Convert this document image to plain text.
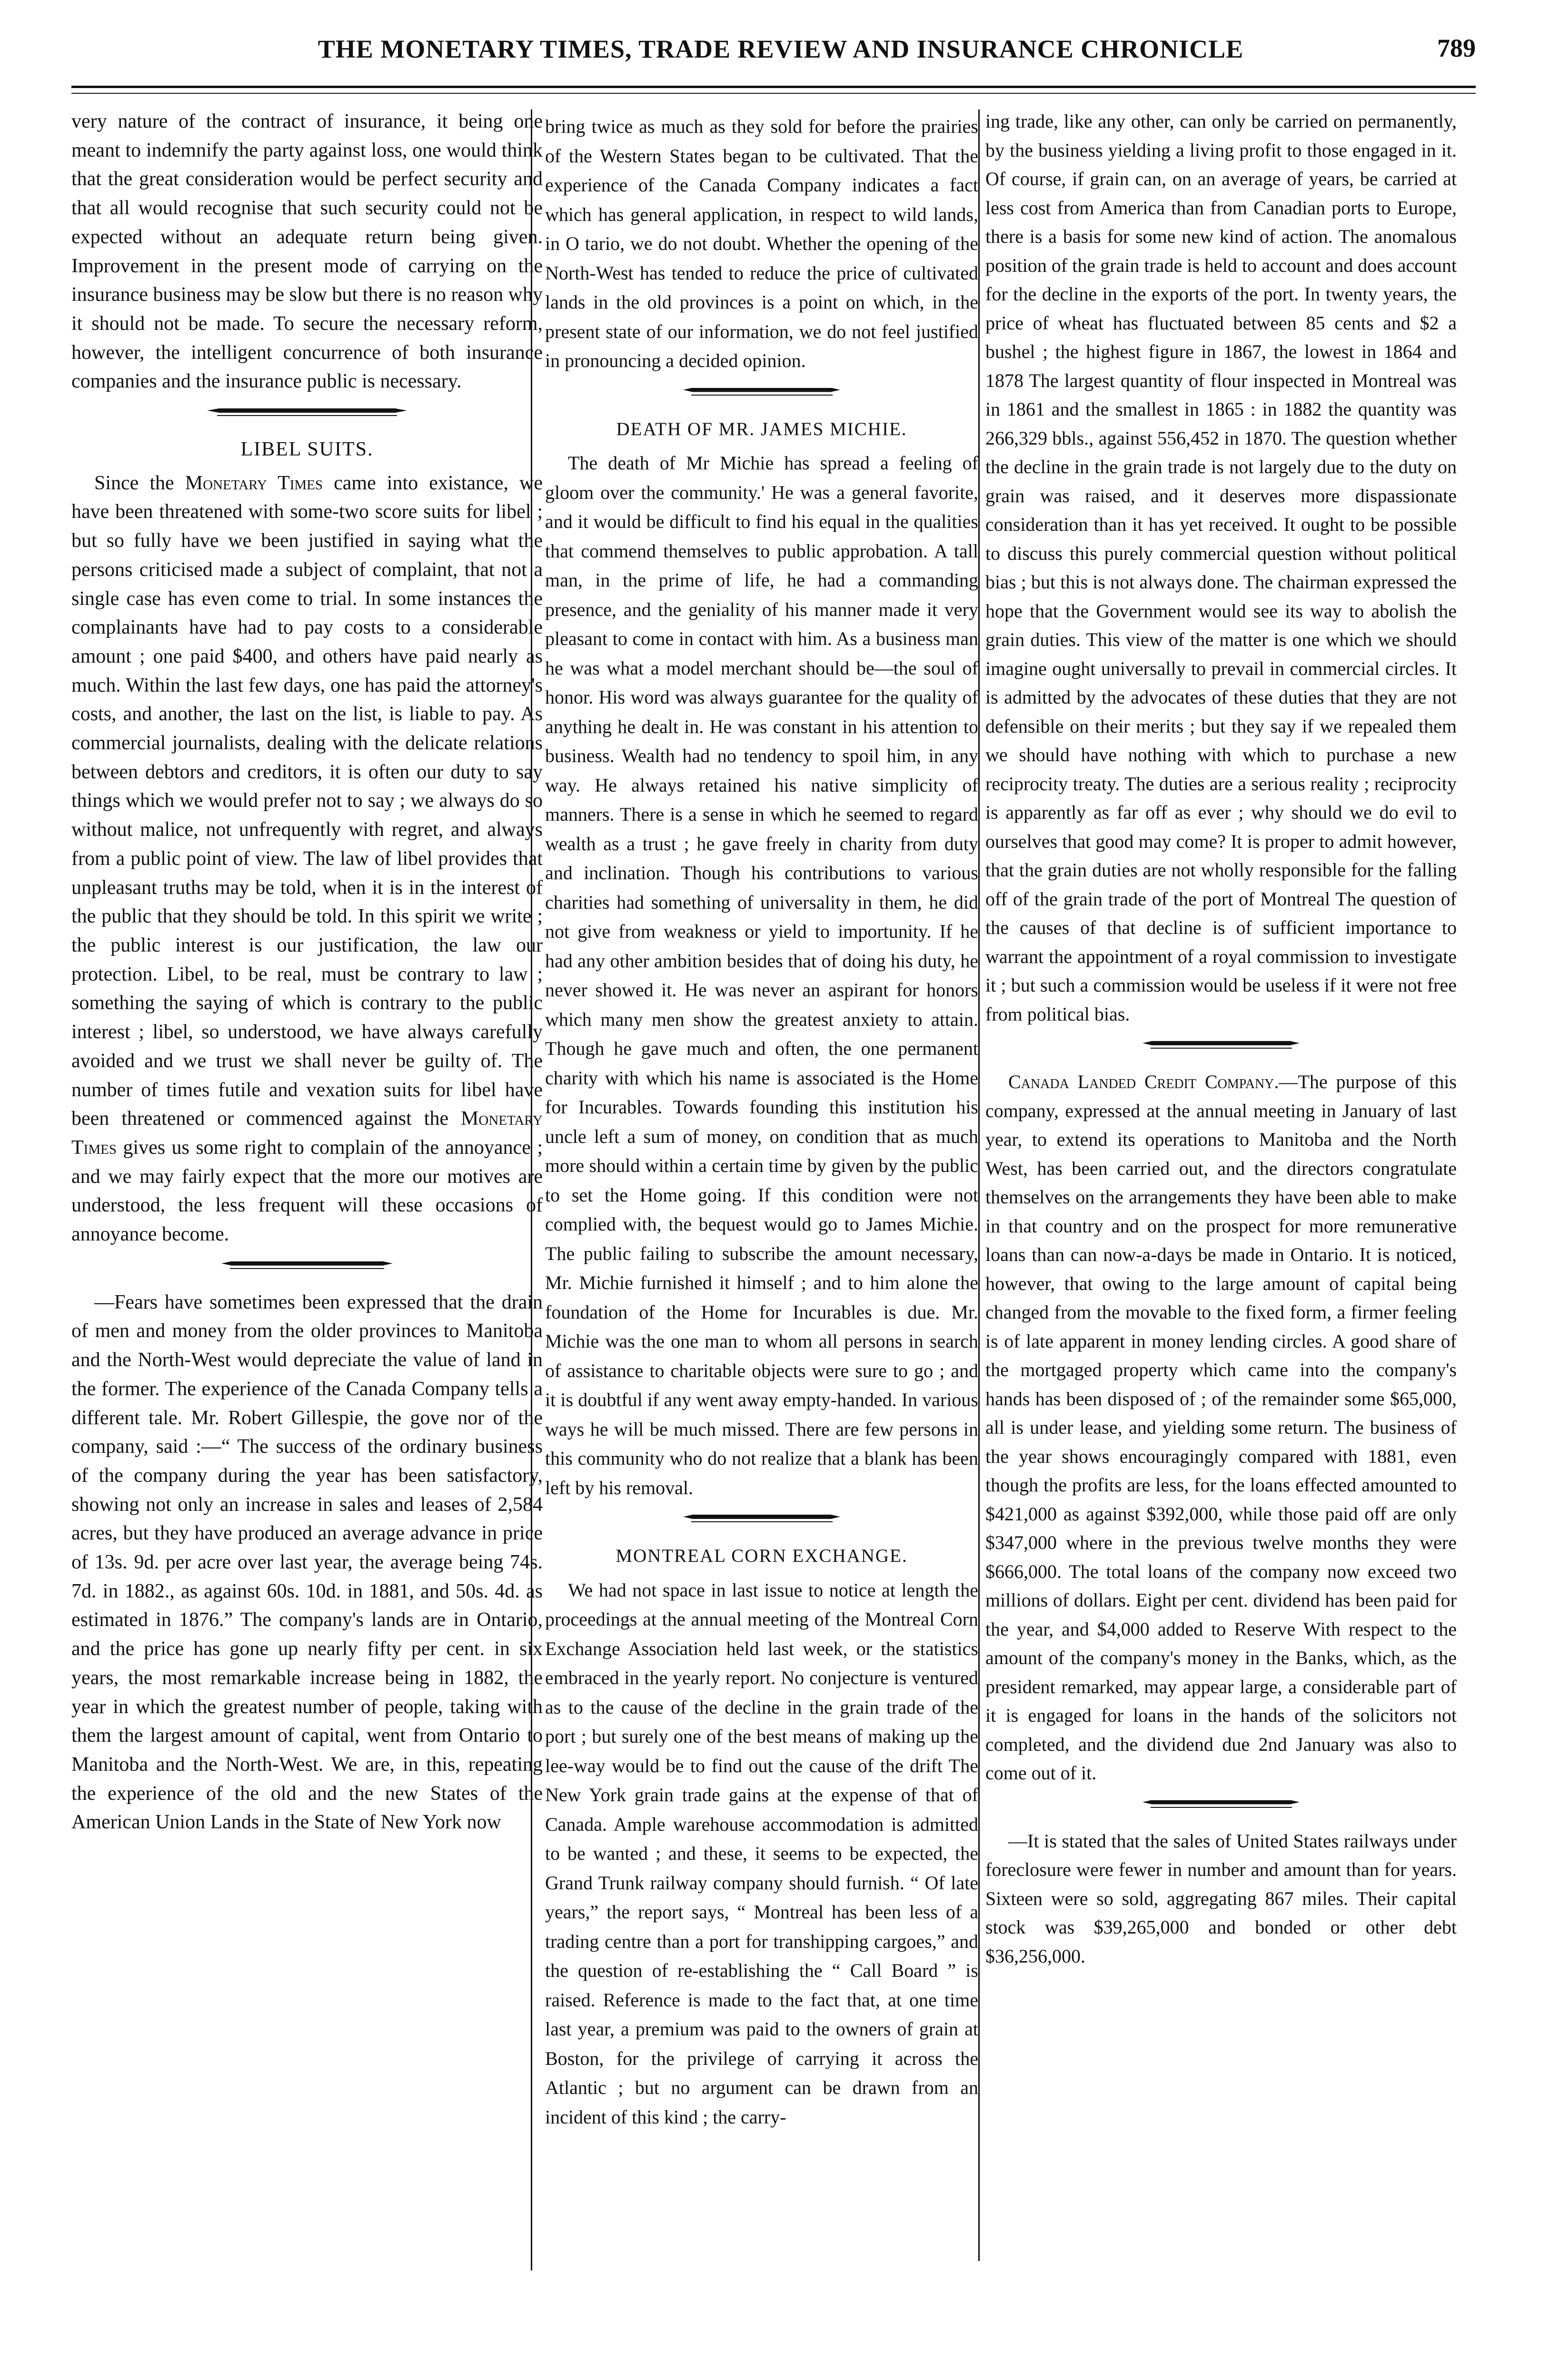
THE MONETARY TIMES, TRADE REVIEW AND INSURANCE CHRONICLE	789

very nature of the contract of insurance, it being one meant to indemnify the party against loss, one would think that the great consideration would be perfect security and that all would recognise that such security could not be expected without an adequate return being given. Improvement in the present mode of carrying on the insurance business may be slow but there is no reason why it should not be made. To secure the necessary reform, however, the intelligent concurrence of both insurance companies and the insurance public is necessary.

LIBEL SUITS.

Since the Monetary Times came into existance, we have been threatened with some-two score suits for libel ; but so fully have we been justified in saying what the persons criticised made a subject of complaint, that not a single case has even come to trial. In some instances the complainants have had to pay costs to a considerable amount ; one paid $400, and others have paid nearly as much. Within the last few days, one has paid the attorney's costs, and another, the last on the list, is liable to pay. As commercial journalists, dealing with the delicate relations between debtors and creditors, it is often our duty to say things which we would prefer not to say ; we always do so without malice, not unfrequently with regret, and always from a public point of view. The law of libel provides that unpleasant truths may be told, when it is in the interest of the public that they should be told. In this spirit we write ; the public interest is our justification, the law our protection. Libel, to be real, must be contrary to law ; something the saying of which is contrary to the public interest ; libel, so understood, we have always carefully avoided and we trust we shall never be guilty of. The number of times futile and vexation suits for libel have been threatened or commenced against the Monetary Times gives us some right to complain of the annoyance ; and we may fairly expect that the more our motives are understood, the less frequent will these occasions of annoyance become.

—Fears have sometimes been expressed that the drain of men and money from the older provinces to Manitoba and the North-West would depreciate the value of land in the former. The experience of the Canada Company tells a different tale. Mr. Robert Gillespie, the gove nor of the company, said :—“ The success of the ordinary business of the company during the year has been satisfactory, showing not only an increase in sales and leases of 2,584 acres, but they have produced an average advance in price of 13s. 9d. per acre over last year, the average being 74s. 7d. in 1882., as against 60s. 10d. in 1881, and 50s. 4d. as estimated in 1876.” The company's lands are in Ontario, and the price has gone up nearly fifty per cent. in six years, the most remarkable increase being in 1882, the year in which the greatest number of people, taking with them the largest amount of capital, went from Ontario to Manitoba and the North-West. We are, in this, repeating the experience of the old and the new States of the American Union Lands in the State of New York now

bring twice as much as they sold for before the prairies of the Western States began to be cultivated. That the experience of the Canada Company indicates a fact which has general application, in respect to wild lands, in O tario, we do not doubt. Whether the opening of the North-West has tended to reduce the price of cultivated lands in the old provinces is a point on which, in the present state of our information, we do not feel justified in pronouncing a decided opinion.

DEATH OF MR. JAMES MICHIE.

The death of Mr Michie has spread a feeling of gloom over the community.' He was a general favorite, and it would be difficult to find his equal in the qualities that commend themselves to public approbation. A tall man, in the prime of life, he had a commanding presence, and the geniality of his manner made it very pleasant to come in contact with him. As a business man he was what a model merchant should be—the soul of honor. His word was always guarantee for the quality of anything he dealt in. He was constant in his attention to business. Wealth had no tendency to spoil him, in any way. He always retained his native simplicity of manners. There is a sense in which he seemed to regard wealth as a trust ; he gave freely in charity from duty and inclination. Though his contributions to various charities had something of universality in them, he did not give from weakness or yield to importunity. If he had any other ambition besides that of doing his duty, he never showed it. He was never an aspirant for honors which many men show the greatest anxiety to attain. Though he gave much and often, the one permanent charity with which his name is associated is the Home for Incurables. Towards founding this institution his uncle left a sum of money, on condition that as much more should within a certain time by given by the public to set the Home going. If this condition were not complied with, the bequest would go to James Michie. The public failing to subscribe the amount necessary, Mr. Michie furnished it himself ; and to him alone the foundation of the Home for Incurables is due. Mr. Michie was the one man to whom all persons in search of assistance to charitable objects were sure to go ; and it is doubtful if any went away empty-handed. In various ways he will be much missed. There are few persons in this community who do not realize that a blank has been left by his removal.

MONTREAL CORN EXCHANGE.

We had not space in last issue to notice at length the proceedings at the annual meeting of the Montreal Corn Exchange Association held last week, or the statistics embraced in the yearly report. No conjecture is ventured as to the cause of the decline in the grain trade of the port ; but surely one of the best means of making up the lee-way would be to find out the cause of the drift The New York grain trade gains at the expense of that of Canada. Ample warehouse accommodation is admitted to be wanted ; and these, it seems to be expected, the Grand Trunk railway company should furnish. “ Of late years,” the report says, “ Montreal has been less of a trading centre than a port for transhipping cargoes,” and the question of re-establishing the “ Call Board ” is raised. Reference is made to the fact that, at one time last year, a premium was paid to the owners of grain at Boston, for the privilege of carrying it across the Atlantic ; but no argument can be drawn from an incident of this kind ; the carry-

ing trade, like any other, can only be carried on permanently, by the business yielding a living profit to those engaged in it. Of course, if grain can, on an average of years, be carried at less cost from America than from Canadian ports to Europe, there is a basis for some new kind of action. The anomalous position of the grain trade is held to account and does account for the decline in the exports of the port. In twenty years, the price of wheat has fluctuated between 85 cents and $2 a bushel ; the highest figure in 1867, the lowest in 1864 and 1878 The largest quantity of flour inspected in Montreal was in 1861 and the smallest in 1865 : in 1882 the quantity was 266,329 bbls., against 556,452 in 1870. The question whether the decline in the grain trade is not largely due to the duty on grain was raised, and it deserves more dispassionate consideration than it has yet received. It ought to be possible to discuss this purely commercial question without political bias ; but this is not always done. The chairman expressed the hope that the Government would see its way to abolish the grain duties. This view of the matter is one which we should imagine ought universally to prevail in commercial circles. It is admitted by the advocates of these duties that they are not defensible on their merits ; but they say if we repealed them we should have nothing with which to purchase a new reciprocity treaty. The duties are a serious reality ; reciprocity is apparently as far off as ever ; why should we do evil to ourselves that good may come? It is proper to admit however, that the grain duties are not wholly responsible for the falling off of the grain trade of the port of Montreal The question of the causes of that decline is of sufficient importance to warrant the appointment of a royal commission to investigate it ; but such a commission would be useless if it were not free from political bias.

Canada Landed Credit Company.—The purpose of this company, expressed at the annual meeting in January of last year, to extend its operations to Manitoba and the North West, has been carried out, and the directors congratulate themselves on the arrangements they have been able to make in that country and on the prospect for more remunerative loans than can now-a-days be made in Ontario. It is noticed, however, that owing to the large amount of capital being changed from the movable to the fixed form, a firmer feeling is of late apparent in money lending circles. A good share of the mortgaged property which came into the company's hands has been disposed of ; of the remainder some $65,000, all is under lease, and yielding some return. The business of the year shows encouragingly compared with 1881, even though the profits are less, for the loans effected amounted to $421,000 as against $392,000, while those paid off are only $347,000 where in the previous twelve months they were $666,000. The total loans of the company now exceed two millions of dollars. Eight per cent. dividend has been paid for the year, and $4,000 added to Reserve With respect to the amount of the company's money in the Banks, which, as the president remarked, may appear large, a considerable part of it is engaged for loans in the hands of the solicitors not completed, and the dividend due 2nd January was also to come out of it.

—It is stated that the sales of United States railways under foreclosure were fewer in number and amount than for years. Sixteen were so sold, aggregating 867 miles. Their capital stock was $39,265,000 and bonded or other debt $36,256,000.
